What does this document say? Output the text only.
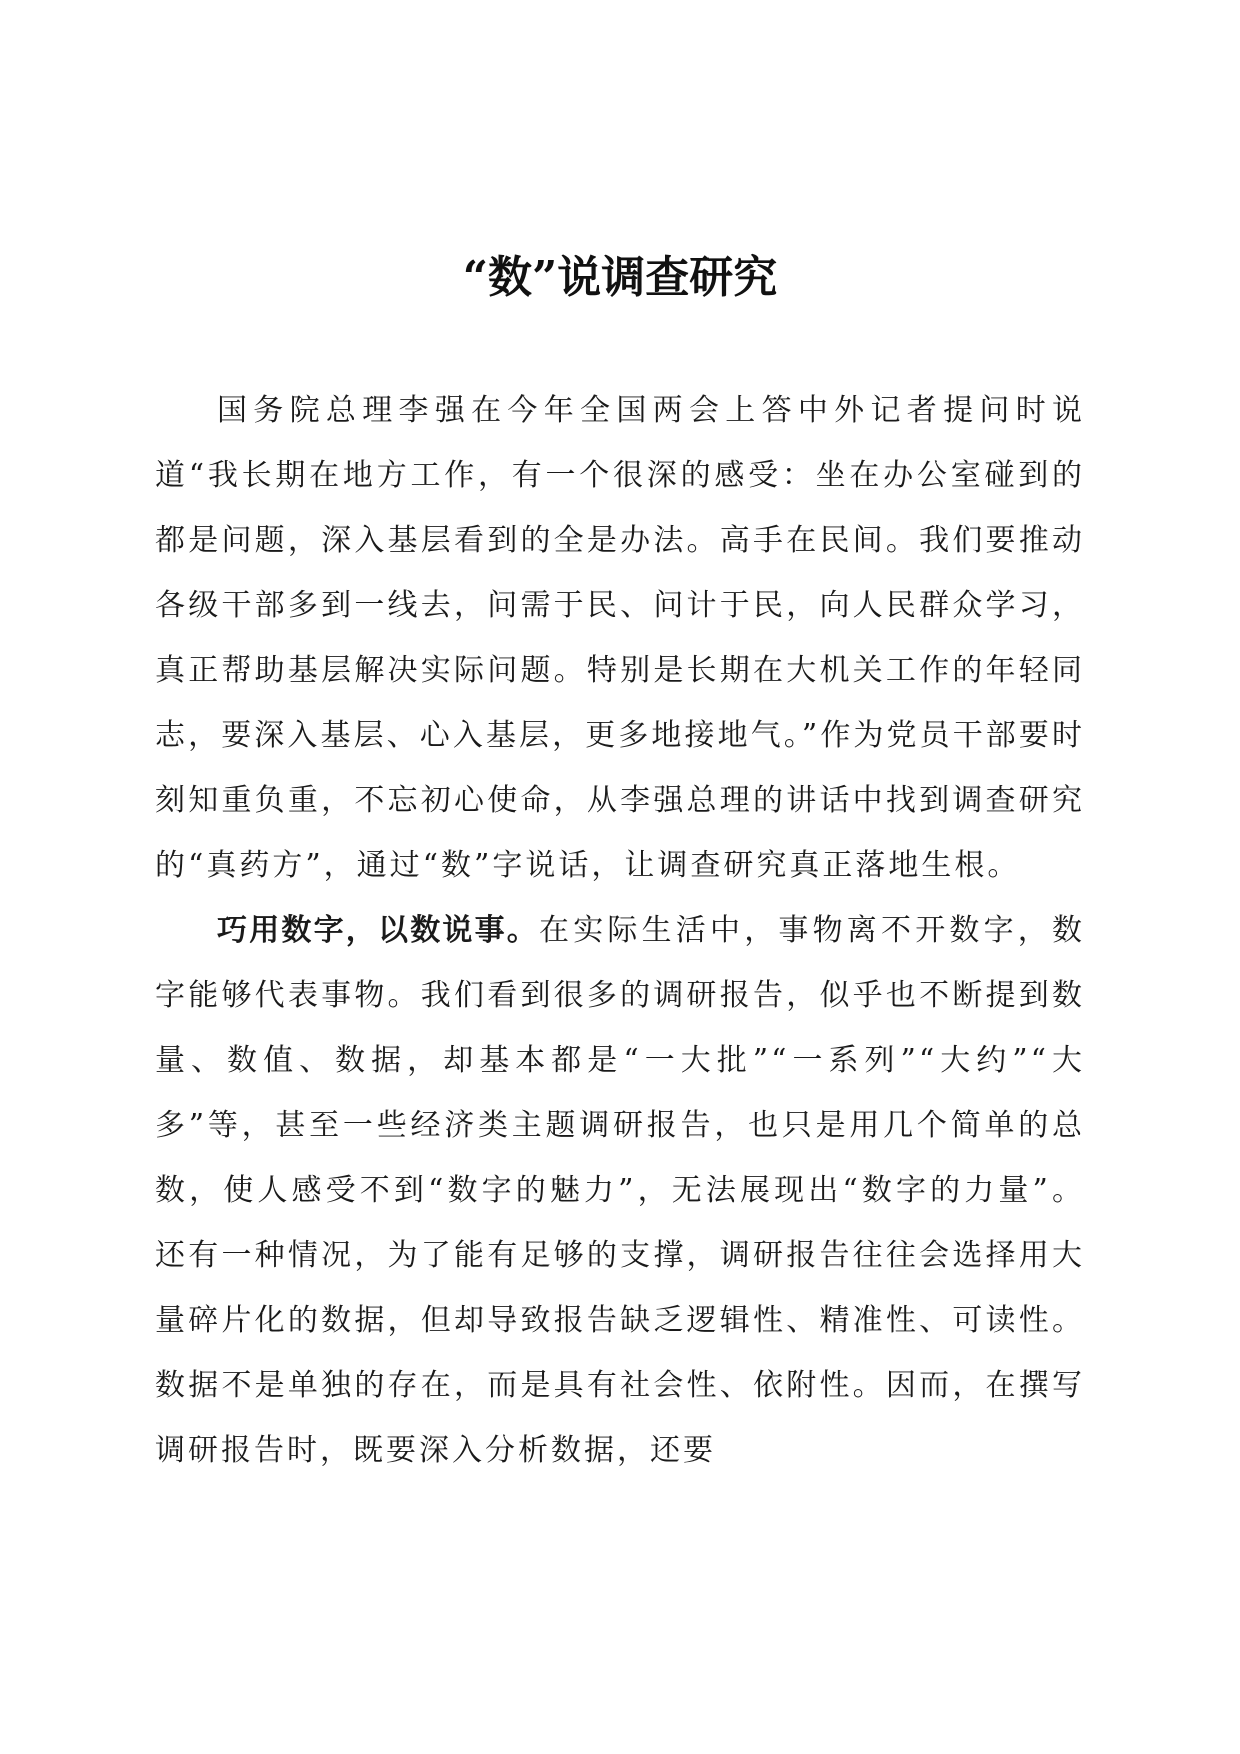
“数”说调查研究

国务院总理李强在今年全国两会上答中外记者提问时说道“我长期在地方工作，有一个很深的感受：坐在办公室碰到的都是问题，深入基层看到的全是办法。高手在民间。我们要推动各级干部多到一线去，问需于民、问计于民，向人民群众学习，真正帮助基层解决实际问题。特别是长期在大机关工作的年轻同志，要深入基层、心入基层，更多地接地气。”作为党员干部要时刻知重负重，不忘初心使命，从李强总理的讲话中找到调查研究的“真药方”，通过“数”字说话，让调查研究真正落地生根。

巧用数字，以数说事。在实际生活中，事物离不开数字，数字能够代表事物。我们看到很多的调研报告，似乎也不断提到数量、数值、数据，却基本都是“一大批”“一系列”“大约”“大多”等，甚至一些经济类主题调研报告，也只是用几个简单的总数，使人感受不到“数字的魅力”，无法展现出“数字的力量”。还有一种情况，为了能有足够的支撑，调研报告往往会选择用大量碎片化的数据，但却导致报告缺乏逻辑性、精准性、可读性。数据不是单独的存在，而是具有社会性、依附性。因而，在撰写调研报告时，既要深入分析数据，还要
